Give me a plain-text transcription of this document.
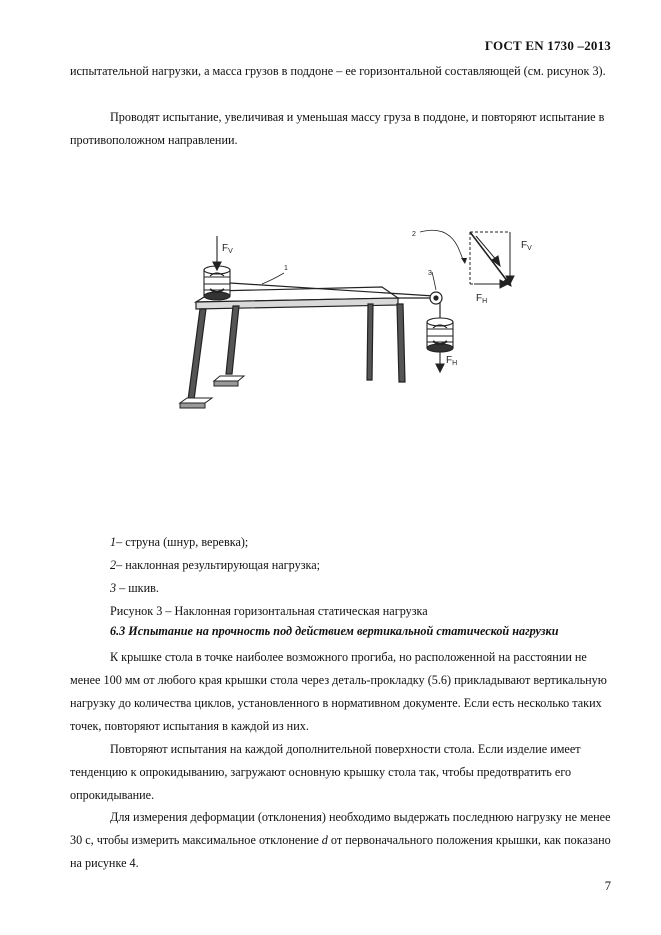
ГОСТ EN 1730 –2013

испытательной нагрузки, а масса грузов в поддоне – ее горизонтальной составляющей (см. рисунок 3).

Проводят испытание, увеличивая и уменьшая массу груза в поддоне, и повторяют испытание в противоположном направлении.

$F_V$
1
3
$F_H$
2
$F_V$
$F_H$

1– струна (шнур, веревка);

2– наклонная результирующая нагрузка;

3 – шкив.

Рисунок 3 – Наклонная горизонтальная статическая нагрузка

6.3 Испытание на прочность под действием вертикальной статической нагрузки

К крышке стола в точке наиболее возможного прогиба, но расположенной на расстоянии не менее 100 мм от любого края крышки стола через деталь-прокладку (5.6) прикладывают вертикальную нагрузку до количества циклов, установленного в нормативном документе. Если есть несколько таких точек, повторяют испытания в каждой из них.

Повторяют испытания на каждой дополнительной поверхности стола. Если изделие имеет тенденцию к опрокидыванию, загружают основную крышку стола так, чтобы предотвратить его опрокидывание.

Для измерения деформации (отклонения) необходимо выдержать последнюю нагрузку не менее 30 с, чтобы измерить максимальное отклонение d от первоначального положения крышки, как показано на рисунке 4.

7
